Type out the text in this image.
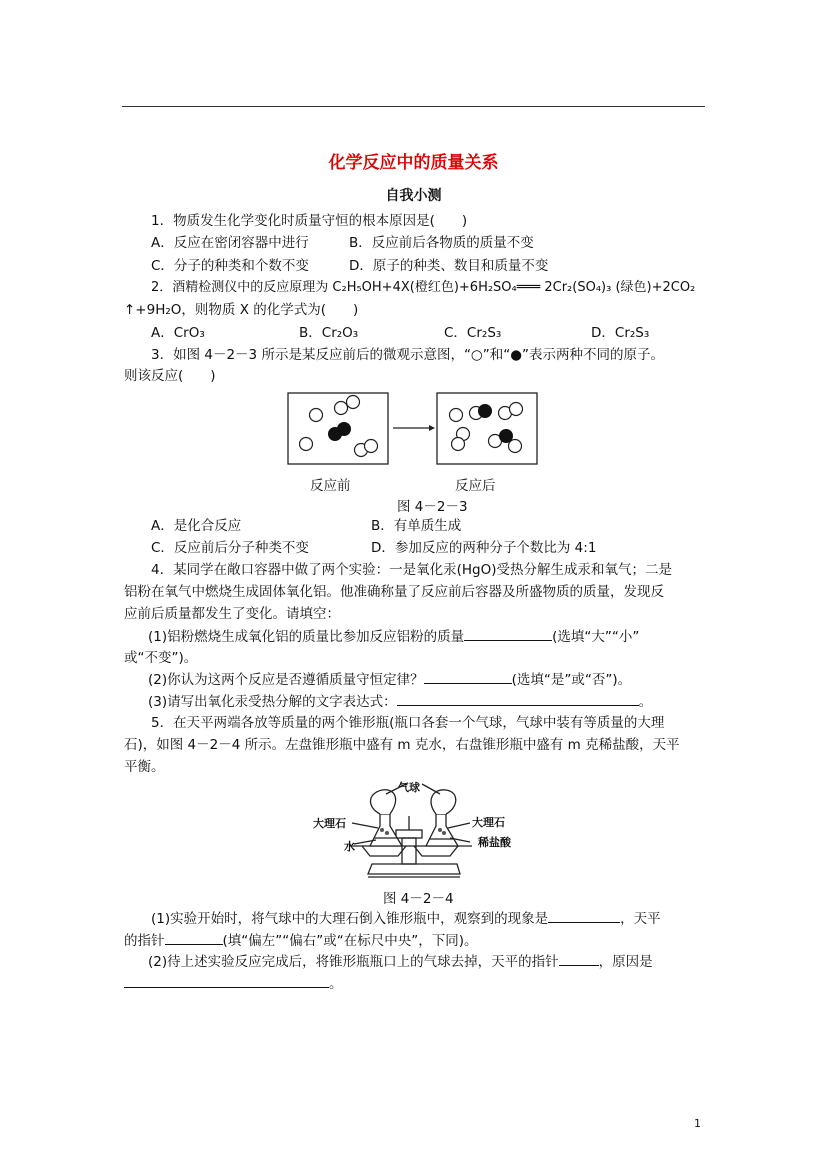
化学反应中的质量关系
自我小测
1．物质发生化学变化时质量守恒的根本原因是(　　)
A．反应在密闭容器中进行	B．反应前后各物质的质量不变
C．分子的种类和个数不变	D．原子的种类、数目和质量不变
2．酒精检测仪中的反应原理为 C₂H₅OH+4X(橙红色)+6H₂SO₄═══ 2Cr₂(SO₄)₃ (绿色)+2CO₂
↑+9H₂O，则物质 X 的化学式为(　　)
A．CrO₃	B．Cr₂O₃	C．Cr₂S₃	D．Cr₂S₃
3．如图 4－2－3 所示是某反应前后的微观示意图，“○”和“●”表示两种不同的原子。
则该反应(　　)
反应前	反应后
图 4－2－3
A．是化合反应	B．有单质生成
C．反应前后分子种类不变	D．参加反应的两种分子个数比为 4:1
4．某同学在敞口容器中做了两个实验：一是氧化汞(HgO)受热分解生成汞和氧气；二是
铝粉在氧气中燃烧生成固体氧化铝。他准确称量了反应前后容器及所盛物质的质量，发现反
应前后质量都发生了变化。请填空：
(1)铝粉燃烧生成氧化铝的质量比参加反应铝粉的质量	(选填“大”“小”
或“不变”)。
(2)你认为这两个反应是否遵循质量守恒定律？	(选填“是”或“否”)。
(3)请写出氧化汞受热分解的文字表达式：	。
5．在天平两端各放等质量的两个锥形瓶(瓶口各套一个气球，气球中装有等质量的大理
石)，如图 4－2－4 所示。左盘锥形瓶中盛有 m 克水，右盘锥形瓶中盛有 m 克稀盐酸，天平
平衡。
气球
大理石	大理石
水	稀盐酸
图 4－2－4
(1)实验开始时，将气球中的大理石倒入锥形瓶中，观察到的现象是	，天平
的指针	(填“偏左”“偏右”或“在标尺中央”，下同)。
(2)待上述实验反应完成后，将锥形瓶瓶口上的气球去掉，天平的指针	，原因是
。
1
